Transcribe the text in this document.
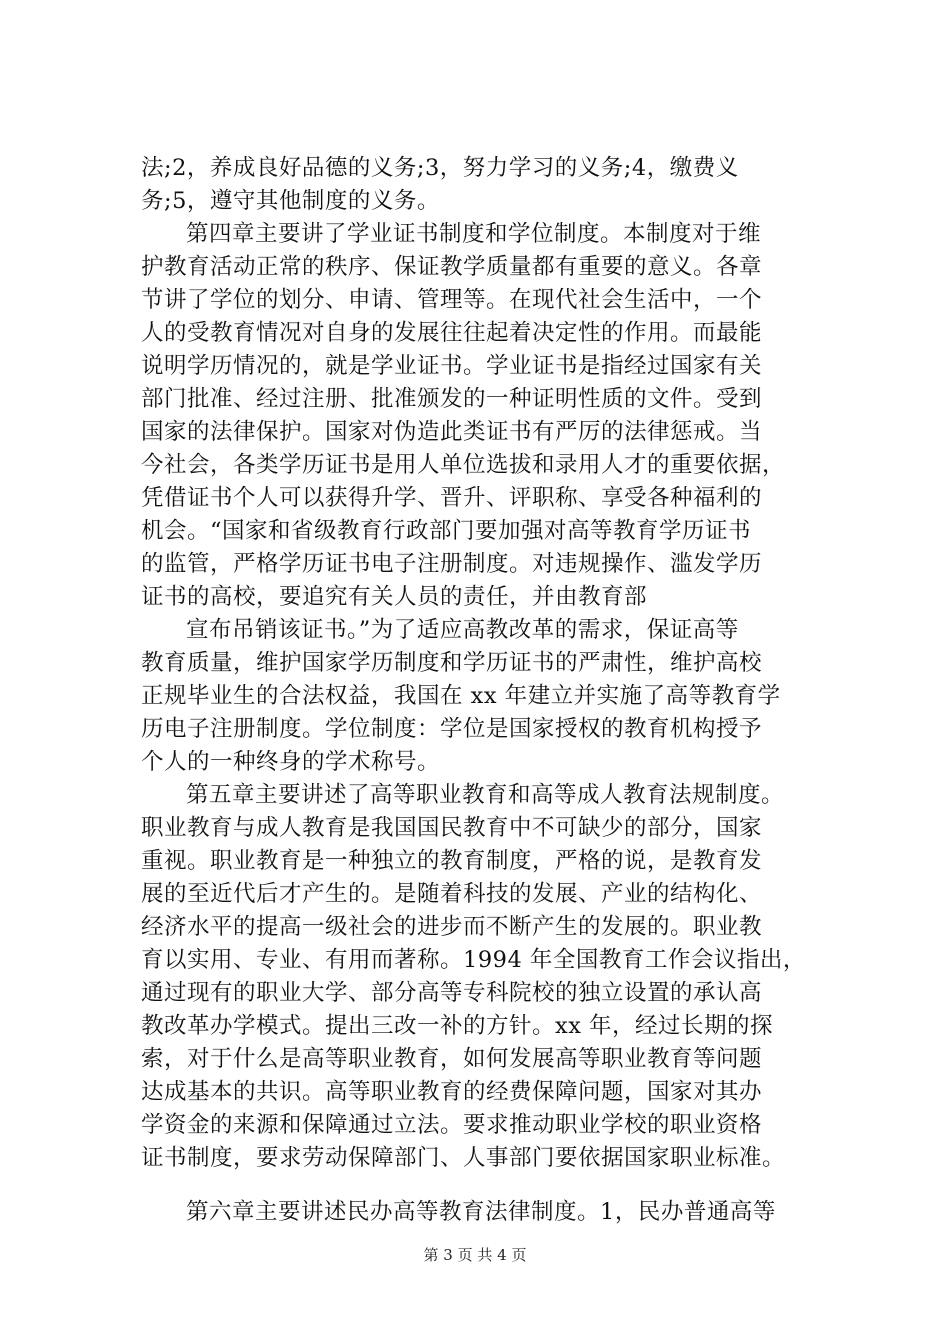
法;2，养成良好品德的义务;3，努力学习的义务;4，缴费义
务;5，遵守其他制度的义务。
第四章主要讲了学业证书制度和学位制度。本制度对于维
护教育活动正常的秩序、保证教学质量都有重要的意义。各章
节讲了学位的划分、申请、管理等。在现代社会生活中，一个
人的受教育情况对自身的发展往往起着决定性的作用。而最能
说明学历情况的，就是学业证书。学业证书是指经过国家有关
部门批准、经过注册、批准颁发的一种证明性质的文件。受到
国家的法律保护。国家对伪造此类证书有严厉的法律惩戒。当
今社会，各类学历证书是用人单位选拔和录用人才的重要依据，
凭借证书个人可以获得升学、晋升、评职称、享受各种福利的
机会。“国家和省级教育行政部门要加强对高等教育学历证书
的监管，严格学历证书电子注册制度。对违规操作、滥发学历
证书的高校，要追究有关人员的责任，并由教育部
宣布吊销该证书。”为了适应高教改革的需求，保证高等
教育质量，维护国家学历制度和学历证书的严肃性，维护高校
正规毕业生的合法权益，我国在 xx 年建立并实施了高等教育学
历电子注册制度。学位制度：学位是国家授权的教育机构授予
个人的一种终身的学术称号。
第五章主要讲述了高等职业教育和高等成人教育法规制度。
职业教育与成人教育是我国国民教育中不可缺少的部分，国家
重视。职业教育是一种独立的教育制度，严格的说，是教育发
展的至近代后才产生的。是随着科技的发展、产业的结构化、
经济水平的提高一级社会的进步而不断产生的发展的。职业教
育以实用、专业、有用而著称。1994 年全国教育工作会议指出，
通过现有的职业大学、部分高等专科院校的独立设置的承认高
教改革办学模式。提出三改一补的方针。xx 年，经过长期的探
索，对于什么是高等职业教育，如何发展高等职业教育等问题
达成基本的共识。高等职业教育的经费保障问题，国家对其办
学资金的来源和保障通过立法。要求推动职业学校的职业资格
证书制度，要求劳动保障部门、人事部门要依据国家职业标准。
第六章主要讲述民办高等教育法律制度。1，民办普通高等
第 3 页 共 4 页
